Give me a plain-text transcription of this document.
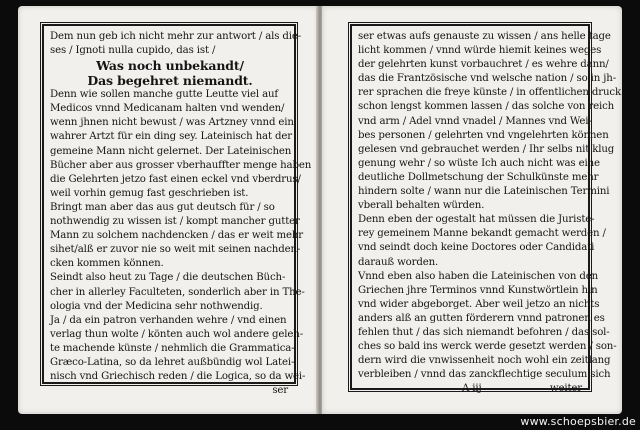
Dem nun geb ich nicht mehr zur antwort / als die-
ses / Ignoti nulla cupido, das ist /
Was noch unbekandt/
Das begehret niemandt.
Denn wie sollen manche gutte Leutte viel auf
Medicos vnnd Medicanam halten vnd wenden/
wenn jhnen nicht bewust / was Artzney vnnd ein
wahrer Artzt für ein ding sey. Lateinisch hat der
gemeine Mann nicht gelernet. Der Lateinischen
Bücher aber aus grosser vberhauffter menge haben
die Gelehrten jetzo fast einen eckel vnd vberdrus/
weil vorhin gemug fast geschrieben ist.
Bringt man aber das aus gut deutsch für / so
nothwendig zu wissen ist / kompt mancher gutter
Mann zu solchem nachdencken / das er weit mehr
sihet/alß er zuvor nie so weit mit seinen nachden-
cken kommen können.
Seindt also heut zu Tage / die deutschen Büch-
cher in allerley Faculteten, sonderlich aber in The-
ologia vnd der Medicina sehr nothwendig.
Ja / da ein patron verhanden wehre / vnd einen
verlag thun wolte / könten auch wol andere geleh-
te machende künste / nehmlich die Grammatica-
Græco-Latina, so da lehret außbündig wol Latei-
nisch vnd Griechisch reden / die Logica, so da wei-
ser
ser etwas aufs genauste zu wissen / ans helle tage
licht kommen / vnnd würde hiemit keines weges
der gelehrten kunst vorbauchret / es wehre dann/
das die Frantzösische vnd welsche nation / so in jh-
rer sprachen die freye künste / in offentlichen druck
schon lengst kommen lassen / das solche von reich
vnd arm / Adel vnnd vnadel / Mannes vnd Wei-
bes personen / gelehrten vnd vngelehrten können
gelesen vnd gebrauchet werden / Ihr selbs nit klug
genung wehr / so wüste Ich auch nicht was eine
deutliche Dollmetschung der Schulkünste mehr
hindern solte / wann nur die Lateinischen Termini
vberall behalten würden.
Denn eben der ogestalt hat müssen die Juriste-
rey gemeinem Manne bekandt gemacht werden /
vnd seindt doch keine Doctores oder Candidati
darauß worden.
Vnnd eben also haben die Lateinischen von den
Griechen jhre Terminos vnnd Kunstwörtlein hin
vnd wider abgeborget. Aber weil jetzo an nichts
anders alß an gutten förderern vnnd patronen es
fehlen thut / das sich niemandt befohren / das sol-
ches so bald ins werck werde gesetzt werden / son-
dern wird die vnwissenheit noch wohl ein zeitlang
verbleiben / vnnd das zanckflechtige seculum sich
A iij	weiter
www.schoepsbier.de
